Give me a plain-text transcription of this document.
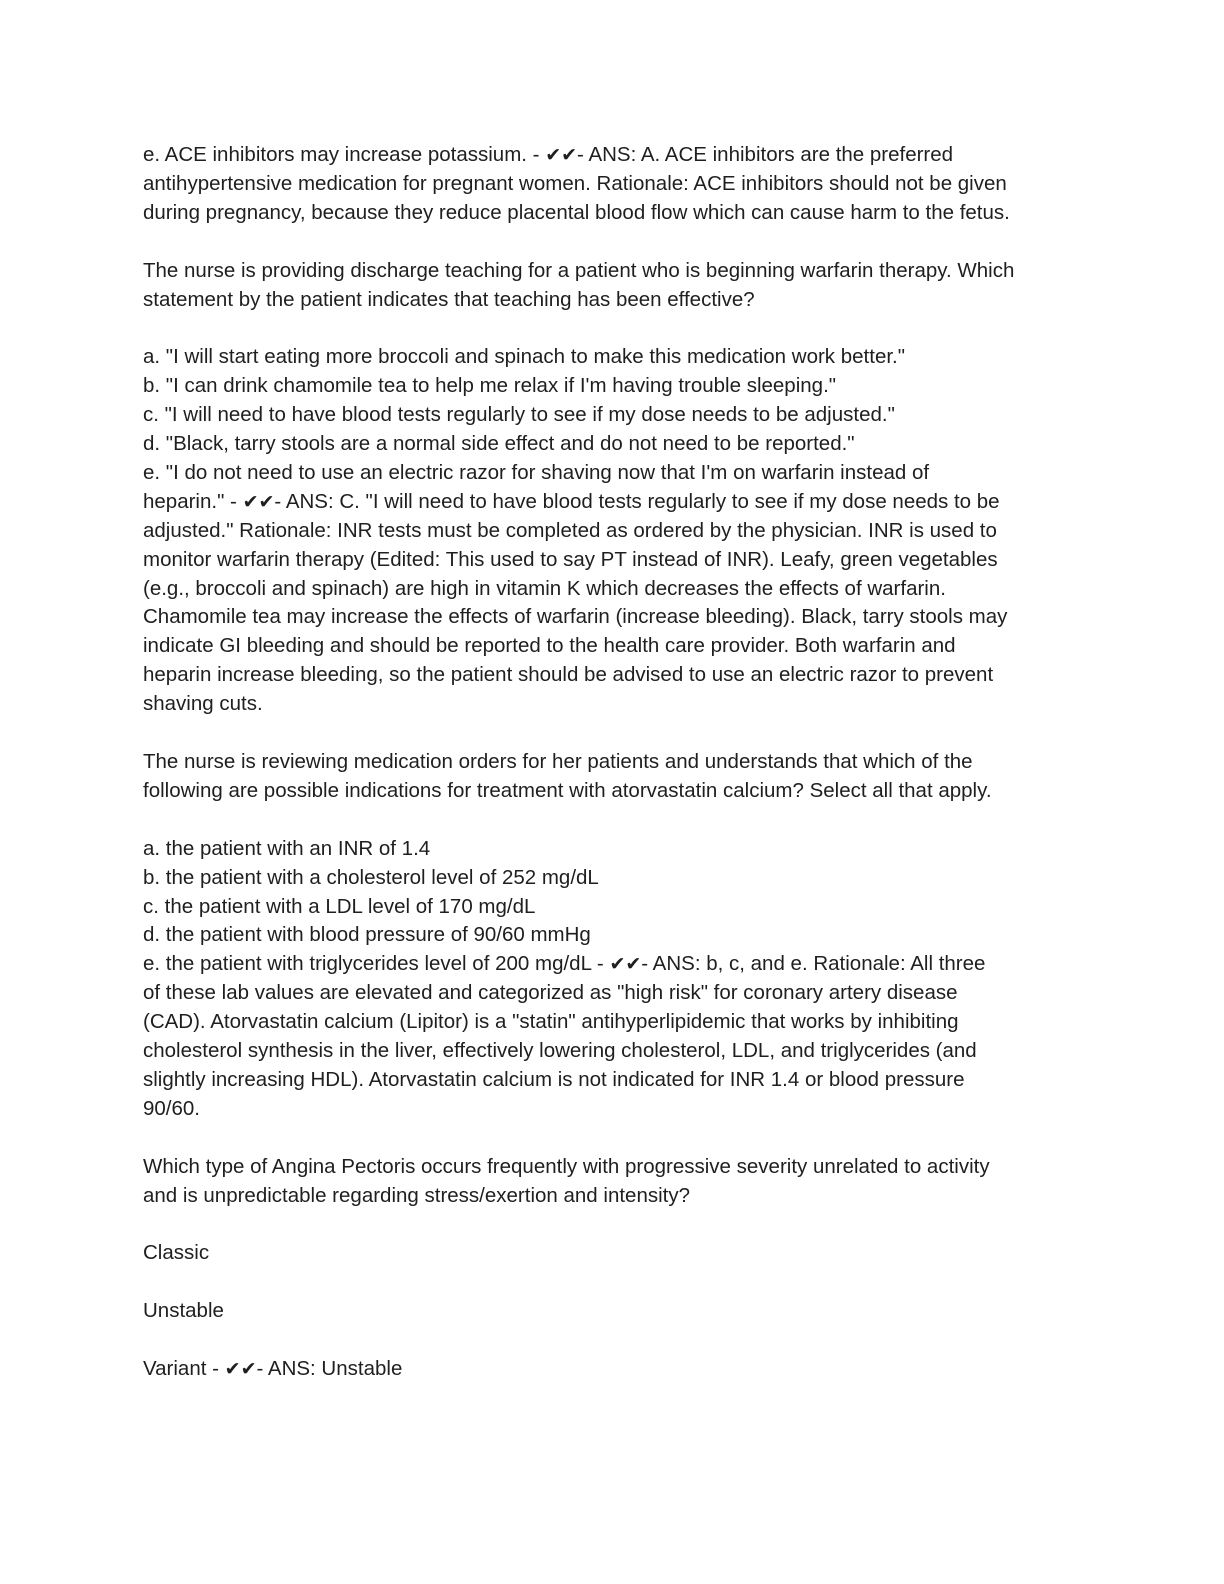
e. ACE inhibitors may increase potassium. - ✔✔- ANS: A. ACE inhibitors are the preferred
antihypertensive medication for pregnant women. Rationale: ACE inhibitors should not be given
during pregnancy, because they reduce placental blood flow which can cause harm to the fetus.
The nurse is providing discharge teaching for a patient who is beginning warfarin therapy. Which
statement by the patient indicates that teaching has been effective?
a. "I will start eating more broccoli and spinach to make this medication work better."
b. "I can drink chamomile tea to help me relax if I'm having trouble sleeping."
c. "I will need to have blood tests regularly to see if my dose needs to be adjusted."
d. "Black, tarry stools are a normal side effect and do not need to be reported."
e. "I do not need to use an electric razor for shaving now that I'm on warfarin instead of
heparin." - ✔✔- ANS: C. "I will need to have blood tests regularly to see if my dose needs to be
adjusted." Rationale: INR tests must be completed as ordered by the physician. INR is used to
monitor warfarin therapy (Edited: This used to say PT instead of INR). Leafy, green vegetables
(e.g., broccoli and spinach) are high in vitamin K which decreases the effects of warfarin.
Chamomile tea may increase the effects of warfarin (increase bleeding). Black, tarry stools may
indicate GI bleeding and should be reported to the health care provider. Both warfarin and
heparin increase bleeding, so the patient should be advised to use an electric razor to prevent
shaving cuts.
The nurse is reviewing medication orders for her patients and understands that which of the
following are possible indications for treatment with atorvastatin calcium? Select all that apply.
a. the patient with an INR of 1.4
b. the patient with a cholesterol level of 252 mg/dL
c. the patient with a LDL level of 170 mg/dL
d. the patient with blood pressure of 90/60 mmHg
e. the patient with triglycerides level of 200 mg/dL - ✔✔- ANS: b, c, and e. Rationale: All three
of these lab values are elevated and categorized as "high risk" for coronary artery disease
(CAD). Atorvastatin calcium (Lipitor) is a "statin" antihyperlipidemic that works by inhibiting
cholesterol synthesis in the liver, effectively lowering cholesterol, LDL, and triglycerides (and
slightly increasing HDL). Atorvastatin calcium is not indicated for INR 1.4 or blood pressure
90/60.
Which type of Angina Pectoris occurs frequently with progressive severity unrelated to activity
and is unpredictable regarding stress/exertion and intensity?
Classic
Unstable
Variant - ✔✔- ANS: Unstable
